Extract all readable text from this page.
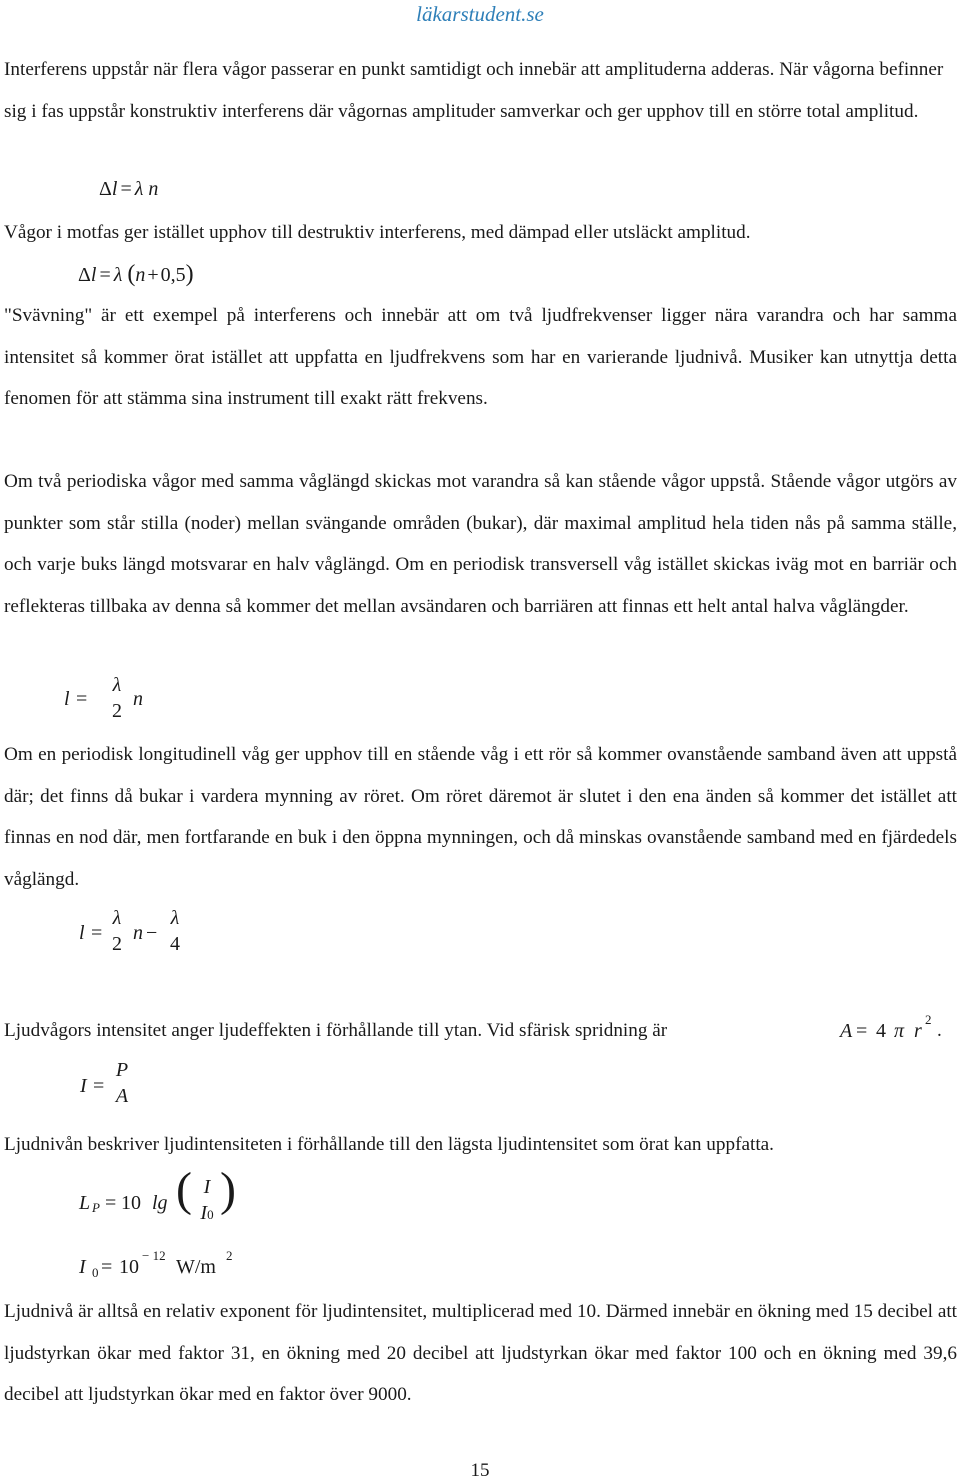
läkarstudent.se

Interferens uppstår när flera vågor passerar en punkt samtidigt och innebär att amplituderna adderas. När vågorna befinner sig i fas uppstår konstruktiv interferens där vågornas amplituder samverkar och ger upphov till en större total amplitud.

Δl = λ n

Vågor i motfas ger istället upphov till destruktiv interferens, med dämpad eller utsläckt amplitud.

Δl = λ (n + 0,5)

"Svävning" är ett exempel på interferens och innebär att om två ljudfrekvenser ligger nära varandra och har samma intensitet så kommer örat istället att uppfatta en ljudfrekvens som har en varierande ljudnivå. Musiker kan utnyttja detta fenomen för att stämma sina instrument till exakt rätt frekvens.

Om två periodiska vågor med samma våglängd skickas mot varandra så kan stående vågor uppstå. Stående vågor utgörs av punkter som står stilla (noder) mellan svängande områden (bukar), där maximal amplitud hela tiden nås på samma ställe, och varje buks längd motsvarar en halv våglängd. Om en periodisk transversell våg istället skickas iväg mot en barriär och reflekteras tillbaka av denna så kommer det mellan avsändaren och barriären att finnas ett helt antal halva våglängder.

l =
λ
2
n

Om en periodisk longitudinell våg ger upphov till en stående våg i ett rör så kommer ovanstående samband även att uppstå där; det finns då bukar i vardera mynning av röret. Om röret däremot är slutet i den ena änden så kommer det istället att finnas en nod där, men fortfarande en buk i den öppna mynningen, och då minskas ovanstående samband med en fjärdedels våglängd.

l =
λ
2 n −
λ
4
Ljudvågors intensitet anger ljudeffekten i förhållande till ytan. Vid sfärisk spridning är	A = 4 π r
2
.
I =
P
A

Ljudnivån beskriver ljudintensiteten i förhållande till den lägsta ljudintensitet som örat kan uppfatta.

L P = 10 lg ( I
I0 )
I 0 = 10
− 12
W/m
2

Ljudnivå är alltså en relativ exponent för ljudintensitet, multiplicerad med 10. Därmed innebär en ökning med 15 decibel att ljudstyrkan ökar med faktor 31, en ökning med 20 decibel att ljudstyrkan ökar med faktor 100 och en ökning med 39,6 decibel att ljudstyrkan ökar med en faktor över 9000.

15
